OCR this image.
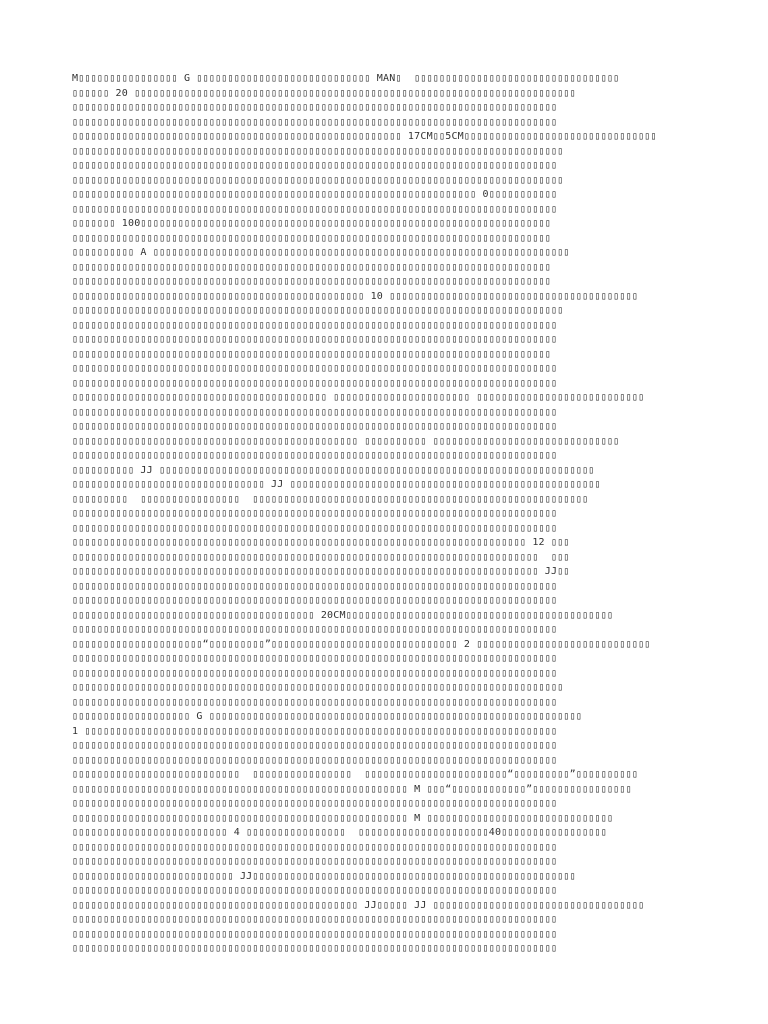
M▯▯▯▯▯▯▯▯▯▯▯▯▯▯▯▯ G ▯▯▯▯▯▯▯▯▯▯▯▯▯▯▯▯▯▯▯▯▯▯▯▯▯▯▯▯ MAN▯  ▯▯▯▯▯▯▯▯▯▯▯▯▯▯▯▯▯▯▯▯▯▯▯▯▯▯▯▯▯▯▯▯▯
▯▯▯▯▯▯ 20 ▯▯▯▯▯▯▯▯▯▯▯▯▯▯▯▯▯▯▯▯▯▯▯▯▯▯▯▯▯▯▯▯▯▯▯▯▯▯▯▯▯▯▯▯▯▯▯▯▯▯▯▯▯▯▯▯▯▯▯▯▯▯▯▯▯▯▯▯▯▯▯
▯▯▯▯▯▯▯▯▯▯▯▯▯▯▯▯▯▯▯▯▯▯▯▯▯▯▯▯▯▯▯▯▯▯▯▯▯▯▯▯▯▯▯▯▯▯▯▯▯▯▯▯▯▯▯▯▯▯▯▯▯▯▯▯▯▯▯▯▯▯▯▯▯▯▯▯▯▯
▯▯▯▯▯▯▯▯▯▯▯▯▯▯▯▯▯▯▯▯▯▯▯▯▯▯▯▯▯▯▯▯▯▯▯▯▯▯▯▯▯▯▯▯▯▯▯▯▯▯▯▯▯▯▯▯▯▯▯▯▯▯▯▯▯▯▯▯▯▯▯▯▯▯▯▯▯▯
▯▯▯▯▯▯▯▯▯▯▯▯▯▯▯▯▯▯▯▯▯▯▯▯▯▯▯▯▯▯▯▯▯▯▯▯▯▯▯▯▯▯▯▯▯▯▯▯▯▯▯▯▯ 17CM▯▯5CM▯▯▯▯▯▯▯▯▯▯▯▯▯▯▯▯▯▯▯▯▯▯▯▯▯▯▯▯▯▯▯
▯▯▯▯▯▯▯▯▯▯▯▯▯▯▯▯▯▯▯▯▯▯▯▯▯▯▯▯▯▯▯▯▯▯▯▯▯▯▯▯▯▯▯▯▯▯▯▯▯▯▯▯▯▯▯▯▯▯▯▯▯▯▯▯▯▯▯▯▯▯▯▯▯▯▯▯▯▯▯
▯▯▯▯▯▯▯▯▯▯▯▯▯▯▯▯▯▯▯▯▯▯▯▯▯▯▯▯▯▯▯▯▯▯▯▯▯▯▯▯▯▯▯▯▯▯▯▯▯▯▯▯▯▯▯▯▯▯▯▯▯▯▯▯▯▯▯▯▯▯▯▯▯▯▯▯▯▯
▯▯▯▯▯▯▯▯▯▯▯▯▯▯▯▯▯▯▯▯▯▯▯▯▯▯▯▯▯▯▯▯▯▯▯▯▯▯▯▯▯▯▯▯▯▯▯▯▯▯▯▯▯▯▯▯▯▯▯▯▯▯▯▯▯▯▯▯▯▯▯▯▯▯▯▯▯▯▯
▯▯▯▯▯▯▯▯▯▯▯▯▯▯▯▯▯▯▯▯▯▯▯▯▯▯▯▯▯▯▯▯▯▯▯▯▯▯▯▯▯▯▯▯▯▯▯▯▯▯▯▯▯▯▯▯▯▯▯▯▯▯▯▯▯ 0▯▯▯▯▯▯▯▯▯▯▯
▯▯▯▯▯▯▯▯▯▯▯▯▯▯▯▯▯▯▯▯▯▯▯▯▯▯▯▯▯▯▯▯▯▯▯▯▯▯▯▯▯▯▯▯▯▯▯▯▯▯▯▯▯▯▯▯▯▯▯▯▯▯▯▯▯▯▯▯▯▯▯▯▯▯▯▯▯▯
▯▯▯▯▯▯▯ 100▯▯▯▯▯▯▯▯▯▯▯▯▯▯▯▯▯▯▯▯▯▯▯▯▯▯▯▯▯▯▯▯▯▯▯▯▯▯▯▯▯▯▯▯▯▯▯▯▯▯▯▯▯▯▯▯▯▯▯▯▯▯▯▯▯▯
▯▯▯▯▯▯▯▯▯▯▯▯▯▯▯▯▯▯▯▯▯▯▯▯▯▯▯▯▯▯▯▯▯▯▯▯▯▯▯▯▯▯▯▯▯▯▯▯▯▯▯▯▯▯▯▯▯▯▯▯▯▯▯▯▯▯▯▯▯▯▯▯▯▯▯▯▯
▯▯▯▯▯▯▯▯▯▯ A ▯▯▯▯▯▯▯▯▯▯▯▯▯▯▯▯▯▯▯▯▯▯▯▯▯▯▯▯▯▯▯▯▯▯▯▯▯▯▯▯▯▯▯▯▯▯▯▯▯▯▯▯▯▯▯▯▯▯▯▯▯▯▯▯▯▯▯
▯▯▯▯▯▯▯▯▯▯▯▯▯▯▯▯▯▯▯▯▯▯▯▯▯▯▯▯▯▯▯▯▯▯▯▯▯▯▯▯▯▯▯▯▯▯▯▯▯▯▯▯▯▯▯▯▯▯▯▯▯▯▯▯▯▯▯▯▯▯▯▯▯▯▯▯▯
▯▯▯▯▯▯▯▯▯▯▯▯▯▯▯▯▯▯▯▯▯▯▯▯▯▯▯▯▯▯▯▯▯▯▯▯▯▯▯▯▯▯▯▯▯▯▯▯▯▯▯▯▯▯▯▯▯▯▯▯▯▯▯▯▯▯▯▯▯▯▯▯▯▯▯▯▯
▯▯▯▯▯▯▯▯▯▯▯▯▯▯▯▯▯▯▯▯▯▯▯▯▯▯▯▯▯▯▯▯▯▯▯▯▯▯▯▯▯▯▯▯▯▯▯ 10 ▯▯▯▯▯▯▯▯▯▯▯▯▯▯▯▯▯▯▯▯▯▯▯▯▯▯▯▯▯▯▯▯▯▯▯▯▯▯▯▯
▯▯▯▯▯▯▯▯▯▯▯▯▯▯▯▯▯▯▯▯▯▯▯▯▯▯▯▯▯▯▯▯▯▯▯▯▯▯▯▯▯▯▯▯▯▯▯▯▯▯▯▯▯▯▯▯▯▯▯▯▯▯▯▯▯▯▯▯▯▯▯▯▯▯▯▯▯▯▯
▯▯▯▯▯▯▯▯▯▯▯▯▯▯▯▯▯▯▯▯▯▯▯▯▯▯▯▯▯▯▯▯▯▯▯▯▯▯▯▯▯▯▯▯▯▯▯▯▯▯▯▯▯▯▯▯▯▯▯▯▯▯▯▯▯▯▯▯▯▯▯▯▯▯▯▯▯▯
▯▯▯▯▯▯▯▯▯▯▯▯▯▯▯▯▯▯▯▯▯▯▯▯▯▯▯▯▯▯▯▯▯▯▯▯▯▯▯▯▯▯▯▯▯▯▯▯▯▯▯▯▯▯▯▯▯▯▯▯▯▯▯▯▯▯▯▯▯▯▯▯▯▯▯▯▯▯
▯▯▯▯▯▯▯▯▯▯▯▯▯▯▯▯▯▯▯▯▯▯▯▯▯▯▯▯▯▯▯▯▯▯▯▯▯▯▯▯▯▯▯▯▯▯▯▯▯▯▯▯▯▯▯▯▯▯▯▯▯▯▯▯▯▯▯▯▯▯▯▯▯▯▯▯▯
▯▯▯▯▯▯▯▯▯▯▯▯▯▯▯▯▯▯▯▯▯▯▯▯▯▯▯▯▯▯▯▯▯▯▯▯▯▯▯▯▯▯▯▯▯▯▯▯▯▯▯▯▯▯▯▯▯▯▯▯▯▯▯▯▯▯▯▯▯▯▯▯▯▯▯▯▯▯
▯▯▯▯▯▯▯▯▯▯▯▯▯▯▯▯▯▯▯▯▯▯▯▯▯▯▯▯▯▯▯▯▯▯▯▯▯▯▯▯▯▯▯▯▯▯▯▯▯▯▯▯▯▯▯▯▯▯▯▯▯▯▯▯▯▯▯▯▯▯▯▯▯▯▯▯▯▯
▯▯▯▯▯▯▯▯▯▯▯▯▯▯▯▯▯▯▯▯▯▯▯▯▯▯▯▯▯▯▯▯▯▯▯▯▯▯▯▯▯ ▯▯▯▯▯▯▯▯▯▯▯▯▯▯▯▯▯▯▯▯▯▯ ▯▯▯▯▯▯▯▯▯▯▯▯▯▯▯▯▯▯▯▯▯▯▯▯▯▯▯
▯▯▯▯▯▯▯▯▯▯▯▯▯▯▯▯▯▯▯▯▯▯▯▯▯▯▯▯▯▯▯▯▯▯▯▯▯▯▯▯▯▯▯▯▯▯▯▯▯▯▯▯▯▯▯▯▯▯▯▯▯▯▯▯▯▯▯▯▯▯▯▯▯▯▯▯▯▯
▯▯▯▯▯▯▯▯▯▯▯▯▯▯▯▯▯▯▯▯▯▯▯▯▯▯▯▯▯▯▯▯▯▯▯▯▯▯▯▯▯▯▯▯▯▯▯▯▯▯▯▯▯▯▯▯▯▯▯▯▯▯▯▯▯▯▯▯▯▯▯▯▯▯▯▯▯▯
▯▯▯▯▯▯▯▯▯▯▯▯▯▯▯▯▯▯▯▯▯▯▯▯▯▯▯▯▯▯▯▯▯▯▯▯▯▯▯▯▯▯▯▯▯▯ ▯▯▯▯▯▯▯▯▯▯ ▯▯▯▯▯▯▯▯▯▯▯▯▯▯▯▯▯▯▯▯▯▯▯▯▯▯▯▯▯▯
▯▯▯▯▯▯▯▯▯▯▯▯▯▯▯▯▯▯▯▯▯▯▯▯▯▯▯▯▯▯▯▯▯▯▯▯▯▯▯▯▯▯▯▯▯▯▯▯▯▯▯▯▯▯▯▯▯▯▯▯▯▯▯▯▯▯▯▯▯▯▯▯▯▯▯▯▯▯
▯▯▯▯▯▯▯▯▯▯ JJ ▯▯▯▯▯▯▯▯▯▯▯▯▯▯▯▯▯▯▯▯▯▯▯▯▯▯▯▯▯▯▯▯▯▯▯▯▯▯▯▯▯▯▯▯▯▯▯▯▯▯▯▯▯▯▯▯▯▯▯▯▯▯▯▯▯▯▯▯▯▯
▯▯▯▯▯▯▯▯▯▯▯▯▯▯▯▯▯▯▯▯▯▯▯▯▯▯▯▯▯▯▯ JJ ▯▯▯▯▯▯▯▯▯▯▯▯▯▯▯▯▯▯▯▯▯▯▯▯▯▯▯▯▯▯▯▯▯▯▯▯▯▯▯▯▯▯▯▯▯▯▯▯▯▯
▯▯▯▯▯▯▯▯▯  ▯▯▯▯▯▯▯▯▯▯▯▯▯▯▯▯  ▯▯▯▯▯▯▯▯▯▯▯▯▯▯▯▯▯▯▯▯▯▯▯▯▯▯▯▯▯▯▯▯▯▯▯▯▯▯▯▯▯▯▯▯▯▯▯▯▯▯▯▯▯▯
▯▯▯▯▯▯▯▯▯▯▯▯▯▯▯▯▯▯▯▯▯▯▯▯▯▯▯▯▯▯▯▯▯▯▯▯▯▯▯▯▯▯▯▯▯▯▯▯▯▯▯▯▯▯▯▯▯▯▯▯▯▯▯▯▯▯▯▯▯▯▯▯▯▯▯▯▯▯
▯▯▯▯▯▯▯▯▯▯▯▯▯▯▯▯▯▯▯▯▯▯▯▯▯▯▯▯▯▯▯▯▯▯▯▯▯▯▯▯▯▯▯▯▯▯▯▯▯▯▯▯▯▯▯▯▯▯▯▯▯▯▯▯▯▯▯▯▯▯▯▯▯▯▯▯▯▯
▯▯▯▯▯▯▯▯▯▯▯▯▯▯▯▯▯▯▯▯▯▯▯▯▯▯▯▯▯▯▯▯▯▯▯▯▯▯▯▯▯▯▯▯▯▯▯▯▯▯▯▯▯▯▯▯▯▯▯▯▯▯▯▯▯▯▯▯▯▯▯▯▯ 12 ▯▯▯
▯▯▯▯▯▯▯▯▯▯▯▯▯▯▯▯▯▯▯▯▯▯▯▯▯▯▯▯▯▯▯▯▯▯▯▯▯▯▯▯▯▯▯▯▯▯▯▯▯▯▯▯▯▯▯▯▯▯▯▯▯▯▯▯▯▯▯▯▯▯▯▯▯▯▯  ▯▯▯
▯▯▯▯▯▯▯▯▯▯▯▯▯▯▯▯▯▯▯▯▯▯▯▯▯▯▯▯▯▯▯▯▯▯▯▯▯▯▯▯▯▯▯▯▯▯▯▯▯▯▯▯▯▯▯▯▯▯▯▯▯▯▯▯▯▯▯▯▯▯▯▯▯▯▯ JJ▯▯
▯▯▯▯▯▯▯▯▯▯▯▯▯▯▯▯▯▯▯▯▯▯▯▯▯▯▯▯▯▯▯▯▯▯▯▯▯▯▯▯▯▯▯▯▯▯▯▯▯▯▯▯▯▯▯▯▯▯▯▯▯▯▯▯▯▯▯▯▯▯▯▯▯▯▯▯▯▯
▯▯▯▯▯▯▯▯▯▯▯▯▯▯▯▯▯▯▯▯▯▯▯▯▯▯▯▯▯▯▯▯▯▯▯▯▯▯▯▯▯▯▯▯▯▯▯▯▯▯▯▯▯▯▯▯▯▯▯▯▯▯▯▯▯▯▯▯▯▯▯▯▯▯▯▯▯▯
▯▯▯▯▯▯▯▯▯▯▯▯▯▯▯▯▯▯▯▯▯▯▯▯▯▯▯▯▯▯▯▯▯▯▯▯▯▯▯ 20CM▯▯▯▯▯▯▯▯▯▯▯▯▯▯▯▯▯▯▯▯▯▯▯▯▯▯▯▯▯▯▯▯▯▯▯▯▯▯▯▯▯▯▯
▯▯▯▯▯▯▯▯▯▯▯▯▯▯▯▯▯▯▯▯▯▯▯▯▯▯▯▯▯▯▯▯▯▯▯▯▯▯▯▯▯▯▯▯▯▯▯▯▯▯▯▯▯▯▯▯▯▯▯▯▯▯▯▯▯▯▯▯▯▯▯▯▯▯▯▯▯▯
▯▯▯▯▯▯▯▯▯▯▯▯▯▯▯▯▯▯▯▯▯“▯▯▯▯▯▯▯▯▯”▯▯▯▯▯▯▯▯▯▯▯▯▯▯▯▯▯▯▯▯▯▯▯▯▯▯▯▯▯▯ 2 ▯▯▯▯▯▯▯▯▯▯▯▯▯▯▯▯▯▯▯▯▯▯▯▯▯▯▯▯
▯▯▯▯▯▯▯▯▯▯▯▯▯▯▯▯▯▯▯▯▯▯▯▯▯▯▯▯▯▯▯▯▯▯▯▯▯▯▯▯▯▯▯▯▯▯▯▯▯▯▯▯▯▯▯▯▯▯▯▯▯▯▯▯▯▯▯▯▯▯▯▯▯▯▯▯▯▯
▯▯▯▯▯▯▯▯▯▯▯▯▯▯▯▯▯▯▯▯▯▯▯▯▯▯▯▯▯▯▯▯▯▯▯▯▯▯▯▯▯▯▯▯▯▯▯▯▯▯▯▯▯▯▯▯▯▯▯▯▯▯▯▯▯▯▯▯▯▯▯▯▯▯▯▯▯▯
▯▯▯▯▯▯▯▯▯▯▯▯▯▯▯▯▯▯▯▯▯▯▯▯▯▯▯▯▯▯▯▯▯▯▯▯▯▯▯▯▯▯▯▯▯▯▯▯▯▯▯▯▯▯▯▯▯▯▯▯▯▯▯▯▯▯▯▯▯▯▯▯▯▯▯▯▯▯▯
▯▯▯▯▯▯▯▯▯▯▯▯▯▯▯▯▯▯▯▯▯▯▯▯▯▯▯▯▯▯▯▯▯▯▯▯▯▯▯▯▯▯▯▯▯▯▯▯▯▯▯▯▯▯▯▯▯▯▯▯▯▯▯▯▯▯▯▯▯▯▯▯▯▯▯▯▯▯
▯▯▯▯▯▯▯▯▯▯▯▯▯▯▯▯▯▯▯ G ▯▯▯▯▯▯▯▯▯▯▯▯▯▯▯▯▯▯▯▯▯▯▯▯▯▯▯▯▯▯▯▯▯▯▯▯▯▯▯▯▯▯▯▯▯▯▯▯▯▯▯▯▯▯▯▯▯▯▯▯
1 ▯▯▯▯▯▯▯▯▯▯▯▯▯▯▯▯▯▯▯▯▯▯▯▯▯▯▯▯▯▯▯▯▯▯▯▯▯▯▯▯▯▯▯▯▯▯▯▯▯▯▯▯▯▯▯▯▯▯▯▯▯▯▯▯▯▯▯▯▯▯▯▯▯▯▯▯
▯▯▯▯▯▯▯▯▯▯▯▯▯▯▯▯▯▯▯▯▯▯▯▯▯▯▯▯▯▯▯▯▯▯▯▯▯▯▯▯▯▯▯▯▯▯▯▯▯▯▯▯▯▯▯▯▯▯▯▯▯▯▯▯▯▯▯▯▯▯▯▯▯▯▯▯▯▯
▯▯▯▯▯▯▯▯▯▯▯▯▯▯▯▯▯▯▯▯▯▯▯▯▯▯▯▯▯▯▯▯▯▯▯▯▯▯▯▯▯▯▯▯▯▯▯▯▯▯▯▯▯▯▯▯▯▯▯▯▯▯▯▯▯▯▯▯▯▯▯▯▯▯▯▯▯▯
▯▯▯▯▯▯▯▯▯▯▯▯▯▯▯▯▯▯▯▯▯▯▯▯▯▯▯  ▯▯▯▯▯▯▯▯▯▯▯▯▯▯▯▯  ▯▯▯▯▯▯▯▯▯▯▯▯▯▯▯▯▯▯▯▯▯▯▯“▯▯▯▯▯▯▯▯▯”▯▯▯▯▯▯▯▯▯▯
▯▯▯▯▯▯▯▯▯▯▯▯▯▯▯▯▯▯▯▯▯▯▯▯▯▯▯▯▯▯▯▯▯▯▯▯▯▯▯▯▯▯▯▯▯▯▯▯▯▯▯▯▯▯ M ▯▯▯“▯▯▯▯▯▯▯▯▯▯▯▯”▯▯▯▯▯▯▯▯▯▯▯▯▯▯▯▯
▯▯▯▯▯▯▯▯▯▯▯▯▯▯▯▯▯▯▯▯▯▯▯▯▯▯▯▯▯▯▯▯▯▯▯▯▯▯▯▯▯▯▯▯▯▯▯▯▯▯▯▯▯▯▯▯▯▯▯▯▯▯▯▯▯▯▯▯▯▯▯▯▯▯▯▯▯▯
▯▯▯▯▯▯▯▯▯▯▯▯▯▯▯▯▯▯▯▯▯▯▯▯▯▯▯▯▯▯▯▯▯▯▯▯▯▯▯▯▯▯▯▯▯▯▯▯▯▯▯▯▯▯ M ▯▯▯▯▯▯▯▯▯▯▯▯▯▯▯▯▯▯▯▯▯▯▯▯▯▯▯▯▯▯
▯▯▯▯▯▯▯▯▯▯▯▯▯▯▯▯▯▯▯▯▯▯▯▯▯ 4 ▯▯▯▯▯▯▯▯▯▯▯▯▯▯▯▯  ▯▯▯▯▯▯▯▯▯▯▯▯▯▯▯▯▯▯▯▯▯40▯▯▯▯▯▯▯▯▯▯▯▯▯▯▯▯▯
▯▯▯▯▯▯▯▯▯▯▯▯▯▯▯▯▯▯▯▯▯▯▯▯▯▯▯▯▯▯▯▯▯▯▯▯▯▯▯▯▯▯▯▯▯▯▯▯▯▯▯▯▯▯▯▯▯▯▯▯▯▯▯▯▯▯▯▯▯▯▯▯▯▯▯▯▯▯
▯▯▯▯▯▯▯▯▯▯▯▯▯▯▯▯▯▯▯▯▯▯▯▯▯▯▯▯▯▯▯▯▯▯▯▯▯▯▯▯▯▯▯▯▯▯▯▯▯▯▯▯▯▯▯▯▯▯▯▯▯▯▯▯▯▯▯▯▯▯▯▯▯▯▯▯▯▯
▯▯▯▯▯▯▯▯▯▯▯▯▯▯▯▯▯▯▯▯▯▯▯▯▯▯ JJ▯▯▯▯▯▯▯▯▯▯▯▯▯▯▯▯▯▯▯▯▯▯▯▯▯▯▯▯▯▯▯▯▯▯▯▯▯▯▯▯▯▯▯▯▯▯▯▯▯▯▯▯
▯▯▯▯▯▯▯▯▯▯▯▯▯▯▯▯▯▯▯▯▯▯▯▯▯▯▯▯▯▯▯▯▯▯▯▯▯▯▯▯▯▯▯▯▯▯▯▯▯▯▯▯▯▯▯▯▯▯▯▯▯▯▯▯▯▯▯▯▯▯▯▯▯▯▯▯▯▯
▯▯▯▯▯▯▯▯▯▯▯▯▯▯▯▯▯▯▯▯▯▯▯▯▯▯▯▯▯▯▯▯▯▯▯▯▯▯▯▯▯▯▯▯▯▯ JJ▯▯▯▯▯ JJ ▯▯▯▯▯▯▯▯▯▯▯▯▯▯▯▯▯▯▯▯▯▯▯▯▯▯▯▯▯▯▯▯▯▯
▯▯▯▯▯▯▯▯▯▯▯▯▯▯▯▯▯▯▯▯▯▯▯▯▯▯▯▯▯▯▯▯▯▯▯▯▯▯▯▯▯▯▯▯▯▯▯▯▯▯▯▯▯▯▯▯▯▯▯▯▯▯▯▯▯▯▯▯▯▯▯▯▯▯▯▯▯▯
▯▯▯▯▯▯▯▯▯▯▯▯▯▯▯▯▯▯▯▯▯▯▯▯▯▯▯▯▯▯▯▯▯▯▯▯▯▯▯▯▯▯▯▯▯▯▯▯▯▯▯▯▯▯▯▯▯▯▯▯▯▯▯▯▯▯▯▯▯▯▯▯▯▯▯▯▯▯
▯▯▯▯▯▯▯▯▯▯▯▯▯▯▯▯▯▯▯▯▯▯▯▯▯▯▯▯▯▯▯▯▯▯▯▯▯▯▯▯▯▯▯▯▯▯▯▯▯▯▯▯▯▯▯▯▯▯▯▯▯▯▯▯▯▯▯▯▯▯▯▯▯▯▯▯▯▯
